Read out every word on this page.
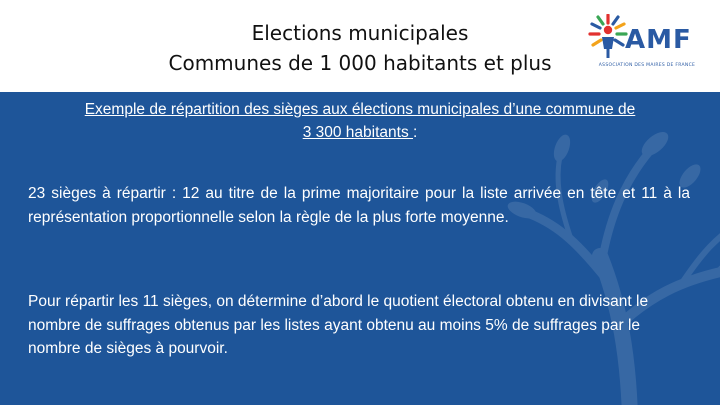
Elections municipales
Communes de 1 000 habitants et plus
AMF
ASSOCIATION DES MAIRES DE FRANCE
Exemple de répartition des sièges aux élections municipales d’une commune de
3 300 habitants :
23 sièges à répartir : 12 au titre de la prime majoritaire pour la liste arrivée en tête et 11 à la représentation proportionnelle selon la règle de la plus forte moyenne.
Pour répartir les 11 sièges, on détermine d’abord le quotient électoral obtenu en divisant le nombre de suffrages obtenus par les listes ayant obtenu au moins 5% de suffrages par le nombre de sièges à pourvoir.
